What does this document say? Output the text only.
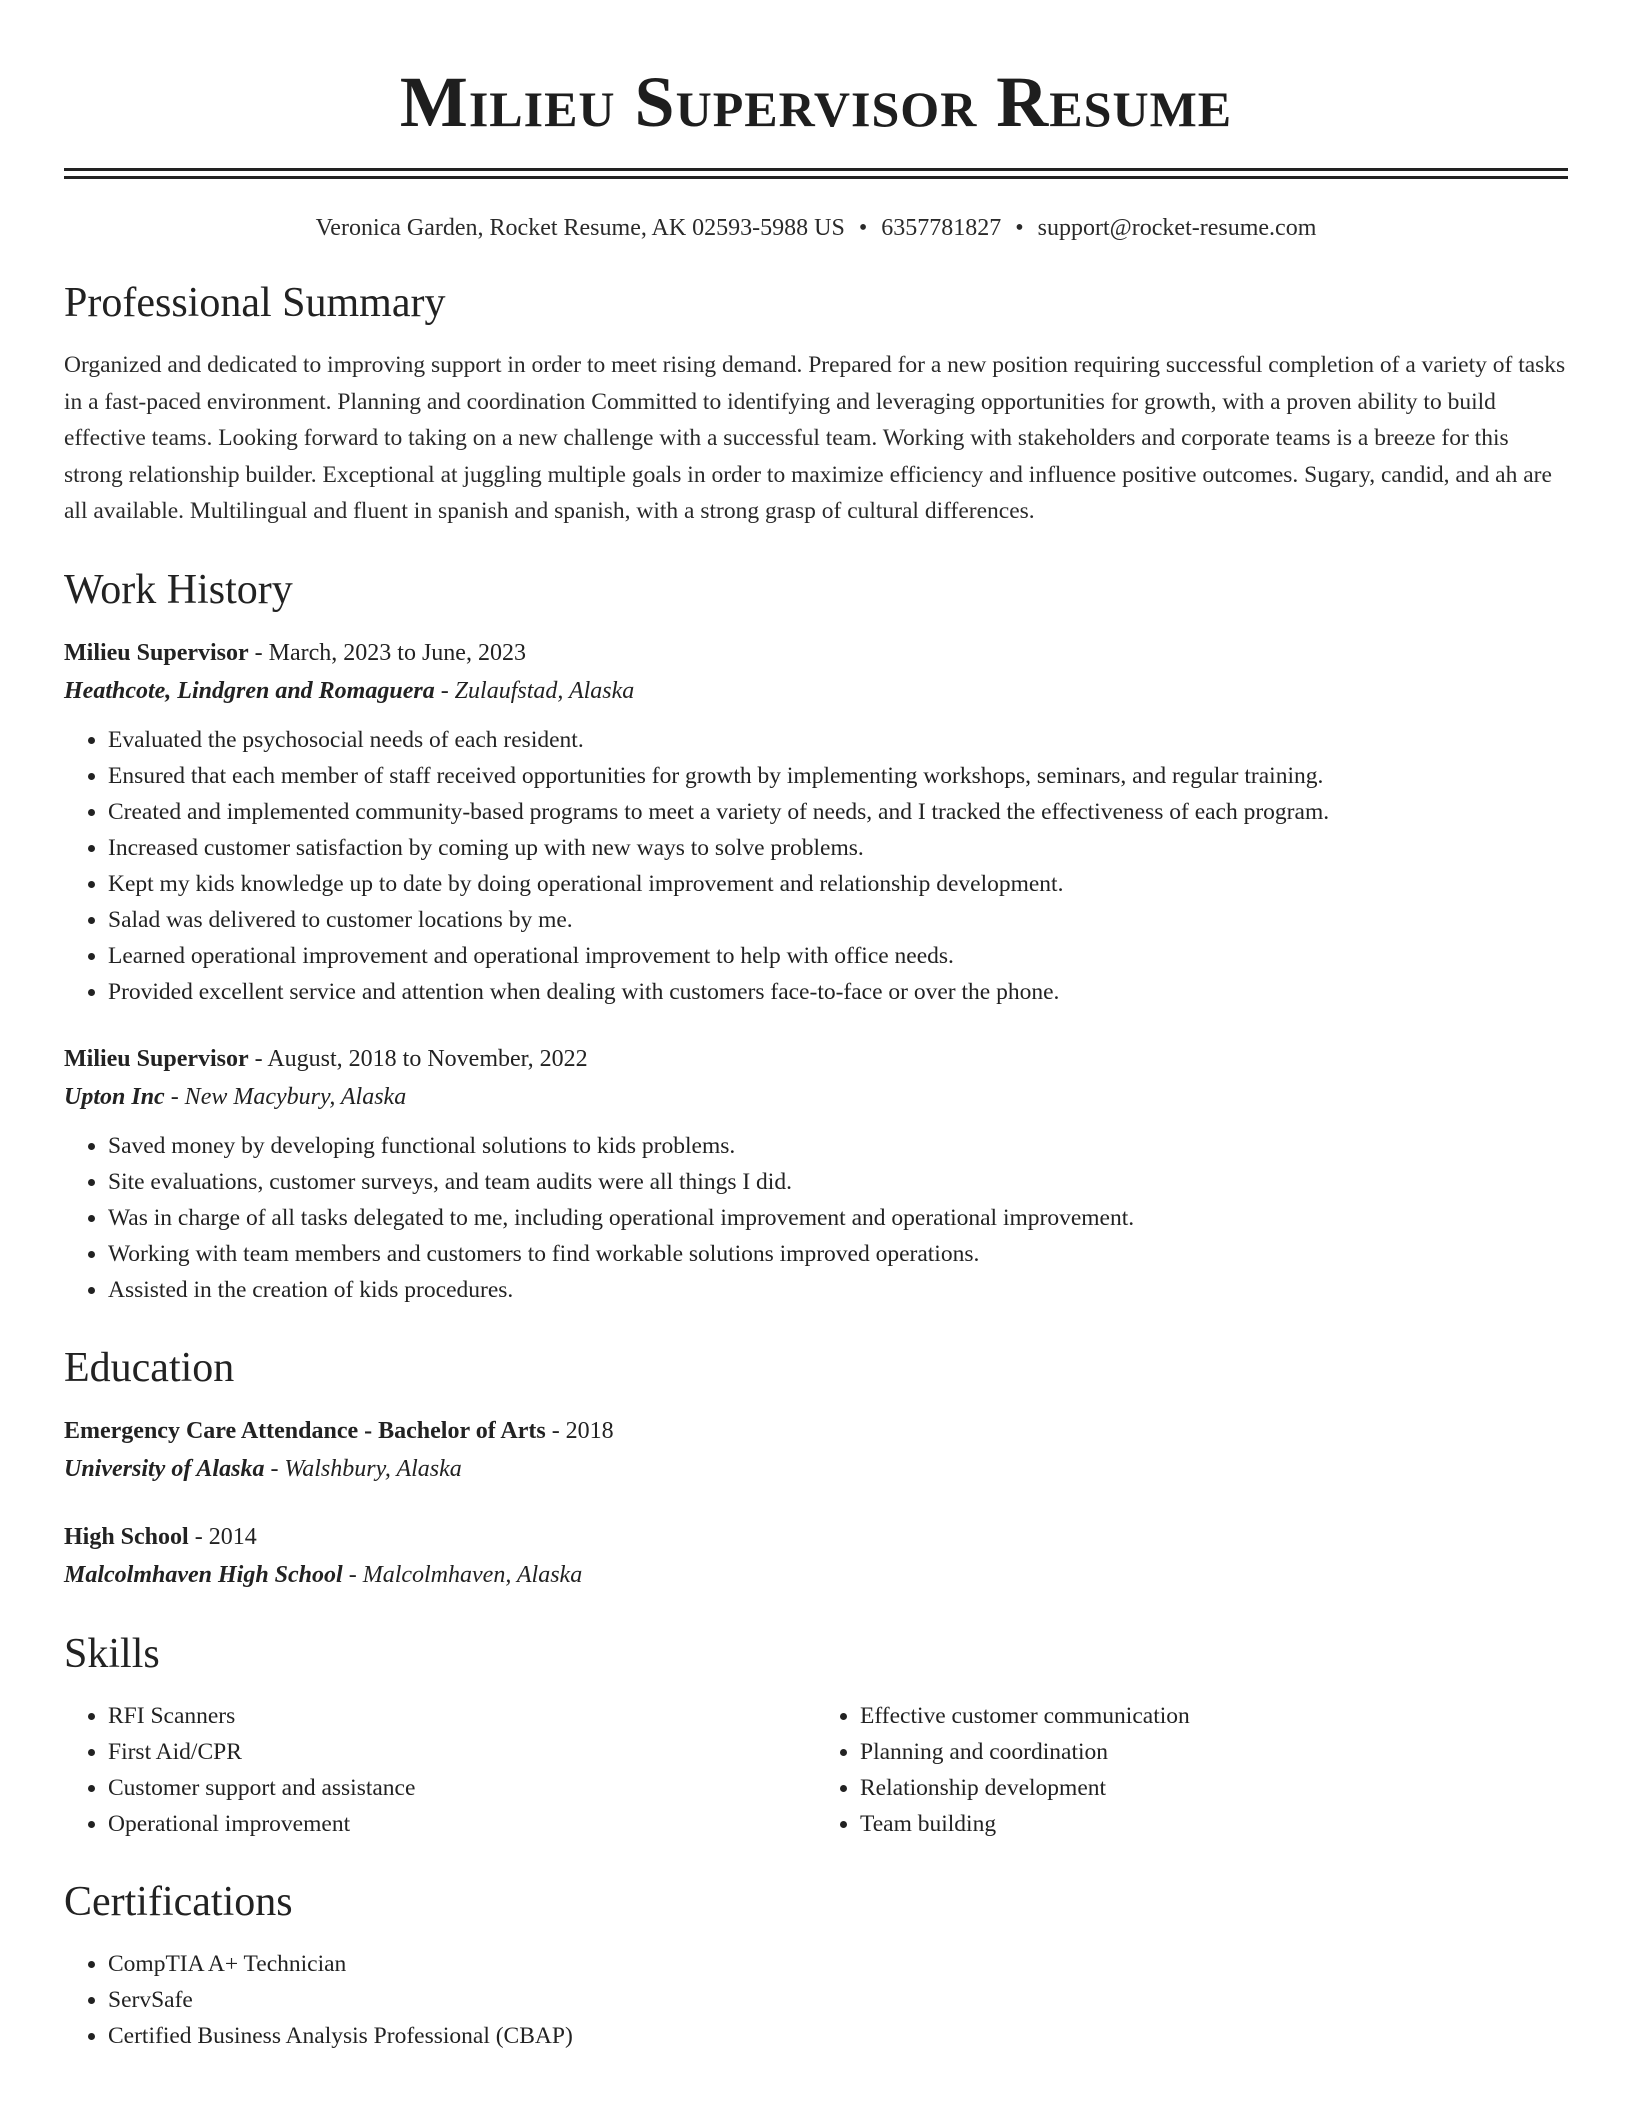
Milieu Supervisor Resume
Veronica Garden, Rocket Resume, AK 02593-5988 US • 6357781827 • support@rocket-resume.com
Professional Summary

Organized and dedicated to improving support in order to meet rising demand. Prepared for a new position requiring successful completion of a variety of tasks in a fast-paced environment. Planning and coordination Committed to identifying and leveraging opportunities for growth, with a proven ability to build effective teams. Looking forward to taking on a new challenge with a successful team. Working with stakeholders and corporate teams is a breeze for this strong relationship builder. Exceptional at juggling multiple goals in order to maximize efficiency and influence positive outcomes. Sugary, candid, and ah are all available. Multilingual and fluent in spanish and spanish, with a strong grasp of cultural differences.

Work History
Milieu Supervisor - March, 2023 to June, 2023
Heathcote, Lindgren and Romaguera - Zulaufstad, Alaska
• Evaluated the psychosocial needs of each resident.
• Ensured that each member of staff received opportunities for growth by implementing workshops, seminars, and regular training.
• Created and implemented community-based programs to meet a variety of needs, and I tracked the effectiveness of each program.
• Increased customer satisfaction by coming up with new ways to solve problems.
• Kept my kids knowledge up to date by doing operational improvement and relationship development.
• Salad was delivered to customer locations by me.
• Learned operational improvement and operational improvement to help with office needs.
• Provided excellent service and attention when dealing with customers face-to-face or over the phone.
Milieu Supervisor - August, 2018 to November, 2022
Upton Inc - New Macybury, Alaska
• Saved money by developing functional solutions to kids problems.
• Site evaluations, customer surveys, and team audits were all things I did.
• Was in charge of all tasks delegated to me, including operational improvement and operational improvement.
• Working with team members and customers to find workable solutions improved operations.
• Assisted in the creation of kids procedures.
Education
Emergency Care Attendance - Bachelor of Arts - 2018
University of Alaska - Walshbury, Alaska
High School - 2014
Malcolmhaven High School - Malcolmhaven, Alaska
Skills
• RFI Scanners
• First Aid/CPR
• Customer support and assistance
• Operational improvement
• Effective customer communication
• Planning and coordination
• Relationship development
• Team building
Certifications
• CompTIA A+ Technician
• ServSafe
• Certified Business Analysis Professional (CBAP)
